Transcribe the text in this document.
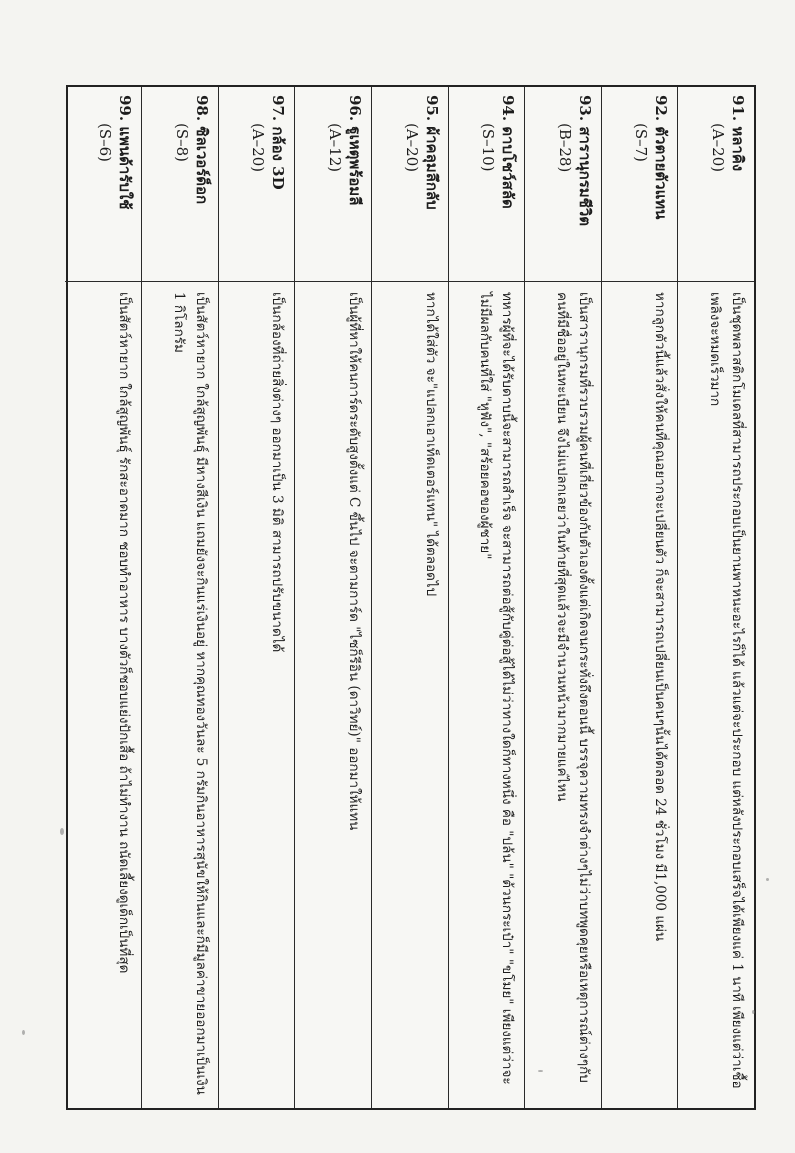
91. หลาคิง
(A–20)
เป็นชุดพลาสติกโมเดลที่สามารถประกอบเป็นยานพาหนะอะไรก็ได้ แล้วแต่จะประกอบ แต่หลังประกอบเสร็จได้เพียงแค่ 1 นาที เพียงแต่ว่าเชื้อเพลิงจะหมดเร็วมาก
92. ตัวตายตัวแทน
(S–7)
หากลูกตัวนี้แล้วสั่งให้คนที่คุณอยากจะเปลี่ยนตัว ก็จะสามารถเปลี่ยนเป็นคนๆนั้นได้ตลอด 24 ชั่วโมง มี1,000 แผ่น
93. สารานุกรมชีวิต
(B–28)
เป็นสารานุกรมที่รวบรวมผู้คนที่เกี่ยวข้องกับตัวเองตั้งแต่เกิดจนกระทั่งถึงตอนนี้ บรรจุความทรงจำต่างๆไม่ว่าบทพูดคุยหรือเหตุการณ์ต่างๆกับคนที่มีชื่ออยู่ในทะเบียน จึงไม่แปลกเลยว่าในท้ายที่สุดแล้วจะมีจำนวนหน้ามากมายแค่ไหน
94. ดาบโชว์สลัด
(S–10)
ทหารผู้ที่จะได้รับดาบนี้จะสามารถสำเร็จ จะสามารถต่อสู้กับคู่ต่อสู้ได้ไม่ว่าทางใดก็ทางหนึ่ง คือ "ปล้น" "ต้วนกระเป๋า" "ขโมย" เพียงแต่ว่าจะไม่มีผลกับคนที่ใส่ "หูฟัง", "สร้อยคอของผู้ชาย"
95. ผ้าคลุมลึกลับ
(A–20)
หากได้ใส่ตัว จะ"แปลกเอาเท็ดเตอร์แทน" ได้ตลอดไป
96. ฐูเหตุพร้อมลี
(A–12)
เป็นผู้ที่หาให้คนการ์ดระดับสูงตั้งแต่ C ขึ้นไป จะตามการ์ด "ไซก็รีอิน (ดาวิทย์)" ออกมาให้แทน
97. กล้อง 3D
(A–20)
เป็นกล้องที่ถ่ายสิ่งต่างๆ ออกมาเป็น 3 มิติ สามารถปรับขนาดได้
98. ซิลเวอร์ด็อก
(S–8)
เป็นสัตว์หายาก ใกล้สูญพันธุ์ มีหางสีเงิน แถมยังจะกินแร่เงินอยู่ หากคุณทองวันละ 5 กรัมกินอาหารสุนัขให้กินและก็มีมูลค่าขายออกมาเป็นเงิน 1 กิโลกรัม
99. แพนด้ารับใช้
(S–6)
เป็นสัตว์หายาก ใกล้สูญพันธุ์ รักสะอาดมาก ชอบทำอาหาร บางตัวก็ชอบแย่งปักเสื้อ ถ้าไม่ทำงาน ถนัดเลี้ยงดูเด็กเป็นที่สุด
